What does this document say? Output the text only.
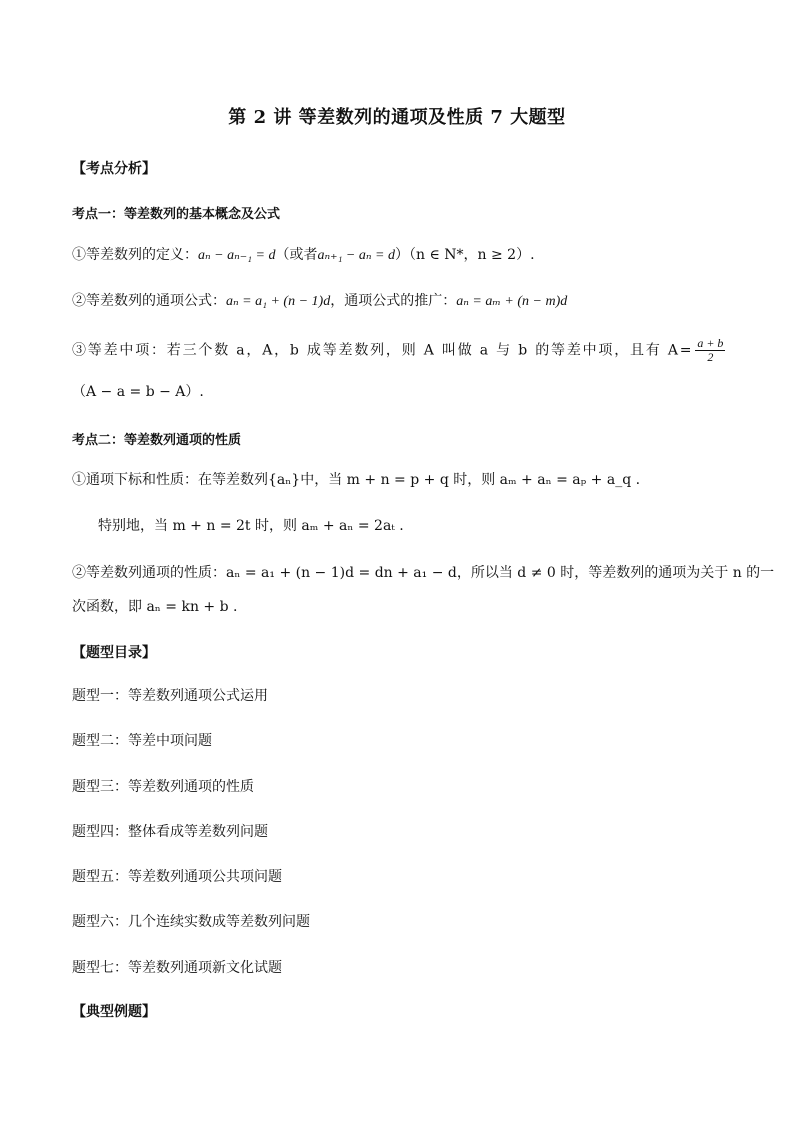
第 2 讲 等差数列的通项及性质 7 大题型
【考点分析】
考点一：等差数列的基本概念及公式
①等差数列的定义：aₙ − aₙ₋₁ = d（或者aₙ₊₁ − aₙ = d）（n ∈ N*，n ≥ 2）.
②等差数列的通项公式：aₙ = a₁ + (n − 1)d，通项公式的推广：aₙ = aₘ + (n − m)d
③等差中项：若三个数 a，A，b 成等差数列，则 A 叫做 a 与 b 的等差中项，且有 $A= \frac{a + b}{2}$
（A − a = b − A）.
考点二：等差数列通项的性质
①通项下标和性质：在等差数列{aₙ}中，当 m + n = p + q 时，则 aₘ + aₙ = aₚ + a_q .
特别地，当 m + n = 2t 时，则 aₘ + aₙ = 2aₜ .
②等差数列通项的性质：aₙ = a₁ + (n − 1)d = dn + a₁ − d，所以当 d ≠ 0 时，等差数列的通项为关于 n 的一
次函数，即 aₙ = kn + b .
【题型目录】
题型一：等差数列通项公式运用
题型二：等差中项问题
题型三：等差数列通项的性质
题型四：整体看成等差数列问题
题型五：等差数列通项公共项问题
题型六：几个连续实数成等差数列问题
题型七：等差数列通项新文化试题
【典型例题】
